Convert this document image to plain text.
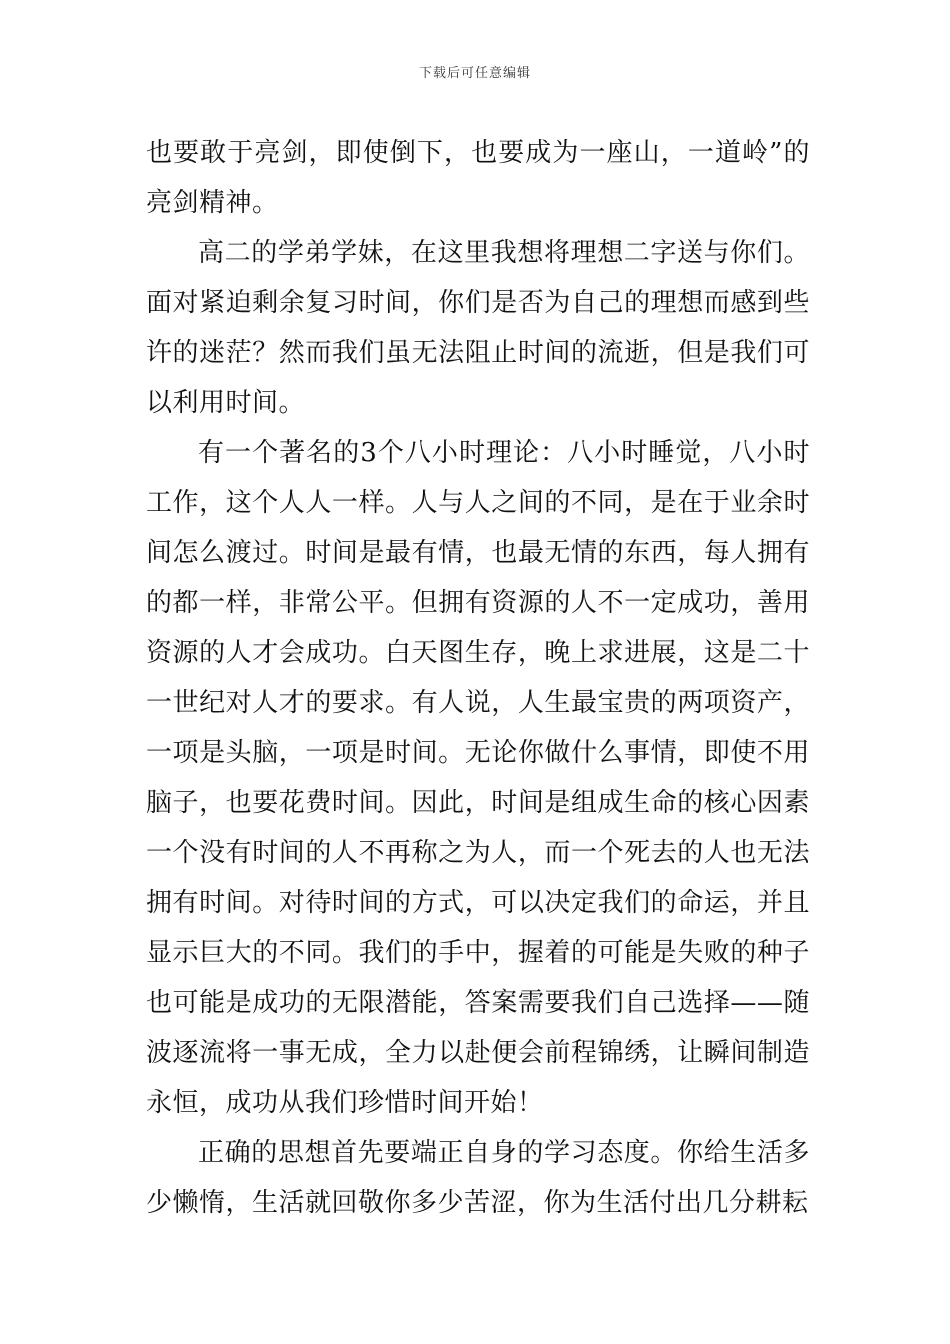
下载后可任意编辑

也要敢于亮剑，即使倒下，也要成为一座山，一道岭”的亮剑精神。

高二的学弟学妹，在这里我想将理想二字送与你们。面对紧迫剩余复习时间，你们是否为自己的理想而感到些许的迷茫？然而我们虽无法阻止时间的流逝，但是我们可以利用时间。

有一个著名的3个八小时理论：八小时睡觉，八小时工作，这个人人一样。人与人之间的不同，是在于业余时间怎么渡过。时间是最有情，也最无情的东西，每人拥有的都一样，非常公平。但拥有资源的人不一定成功，善用资源的人才会成功。白天图生存，晚上求进展，这是二十一世纪对人才的要求。有人说，人生最宝贵的两项资产，一项是头脑，一项是时间。无论你做什么事情，即使不用脑子，也要花费时间。因此，时间是组成生命的核心因素一个没有时间的人不再称之为人，而一个死去的人也无法拥有时间。对待时间的方式，可以决定我们的命运，并且显示巨大的不同。我们的手中，握着的可能是失败的种子也可能是成功的无限潜能，答案需要我们自己选择——随波逐流将一事无成，全力以赴便会前程锦绣，让瞬间制造永恒，成功从我们珍惜时间开始！

正确的思想首先要端正自身的学习态度。你给生活多少懒惰，生活就回敬你多少苦涩，你为生活付出几分耕耘
